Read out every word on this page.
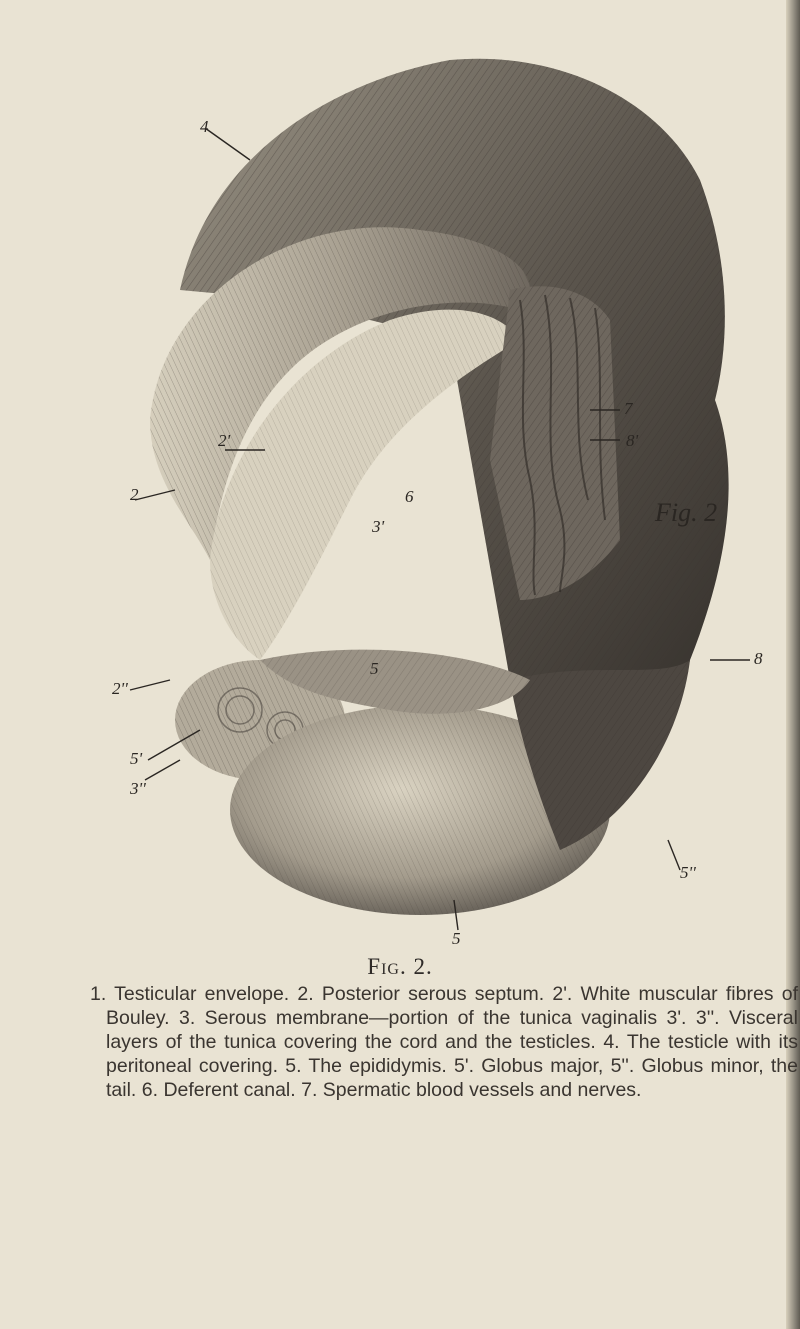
4
7
8'
2'
2	6
3'
8
5
2''
5'
3''
5''
5
Fig. 2
Fig. 2.
1. Testicular envelope. 2. Posterior serous septum. 2'. White muscular fibres of Bouley. 3. Serous membrane—portion of the tunica vaginalis 3'. 3''. Visceral layers of the tunica covering the cord and the testicles. 4. The testicle with its peritoneal covering. 5. The epididymis. 5'. Globus major, 5''. Globus minor, the tail. 6. Deferent canal. 7. Spermatic blood vessels and nerves.
